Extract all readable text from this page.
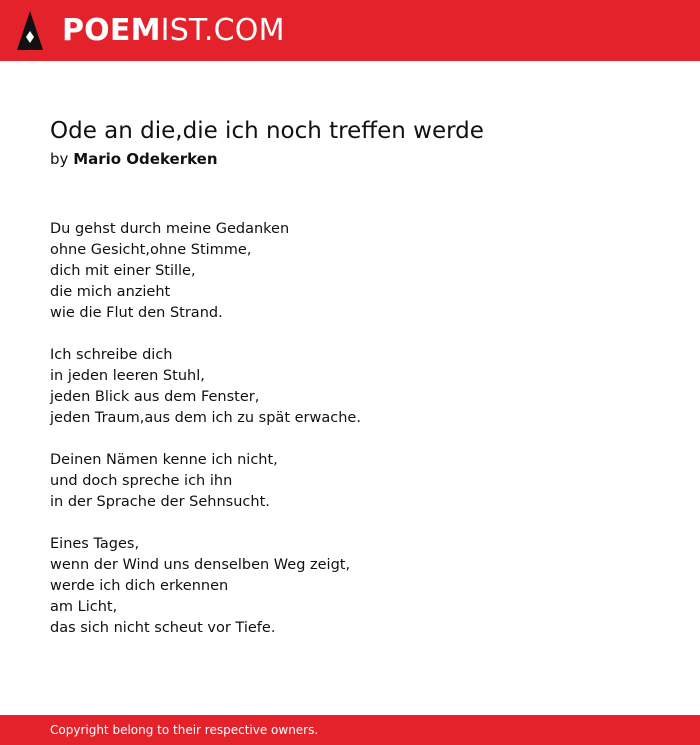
POEM IST.COM
Ode an die,die ich noch treffen werde
by Mario Odekerken
Du gehst durch meine Gedanken
ohne Gesicht,ohne Stimme,
dich mit einer Stille,
die mich anzieht
wie die Flut den Strand.
Ich schreibe dich
in jeden leeren Stuhl,
jeden Blick aus dem Fenster,
jeden Traum,aus dem ich zu spät erwache.
Deinen Nämen kenne ich nicht,
und doch spreche ich ihn
in der Sprache der Sehnsucht.
Eines Tages,
wenn der Wind uns denselben Weg zeigt,
werde ich dich erkennen
am Licht,
das sich nicht scheut vor Tiefe.
Copyright belong to their respective owners.
